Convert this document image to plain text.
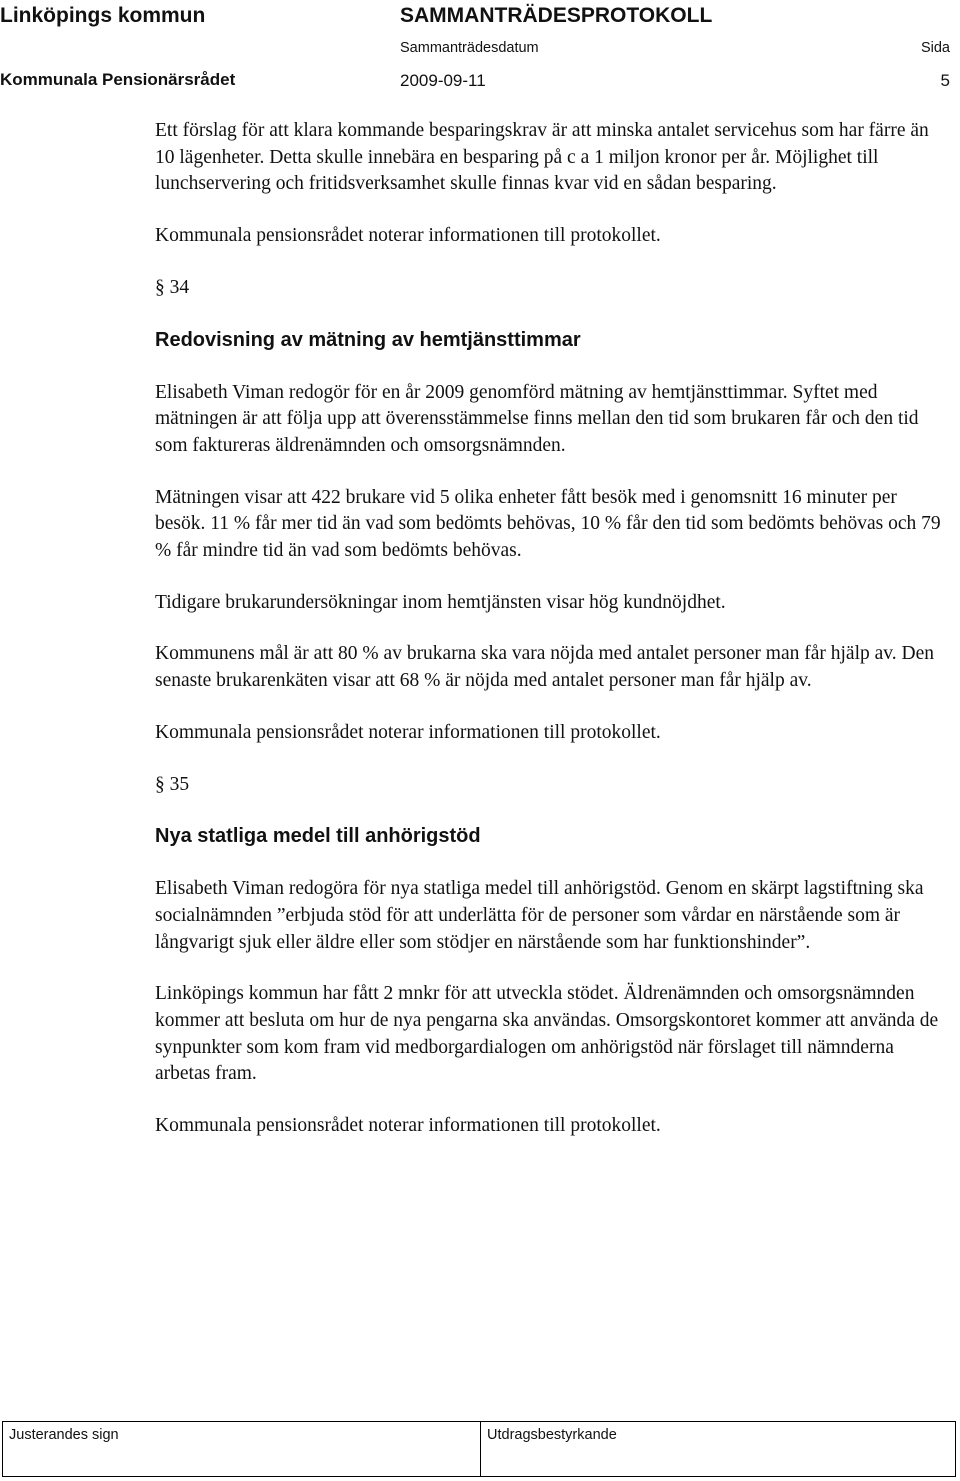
Linköpings kommun	SAMMANTRÄDESPROTOKOLL
Sammanträdesdatum	Sida
Kommunala Pensionärsrådet	2009-09-11	5

Ett förslag för att klara kommande besparingskrav är att minska antalet servicehus som har färre än 10 lägenheter. Detta skulle innebära en besparing på c a 1 miljon kronor per år. Möjlighet till lunchservering och fritidsverksamhet skulle finnas kvar vid en sådan besparing.

Kommunala pensionsrådet noterar informationen till protokollet.

§ 34

Redovisning av mätning av hemtjänsttimmar

Elisabeth Viman redogör för en år 2009 genomförd mätning av hemtjänsttimmar. Syftet med mätningen är att följa upp att överensstämmelse finns mellan den tid som brukaren får och den tid som faktureras äldrenämnden och omsorgsnämnden.

Mätningen visar att 422 brukare vid 5 olika enheter fått besök med i genomsnitt 16 minuter per besök. 11 % får mer tid än vad som bedömts behövas, 10 % får den tid som bedömts behövas och 79 % får mindre tid än vad som bedömts behövas.

Tidigare brukarundersökningar inom hemtjänsten visar hög kundnöjdhet.

Kommunens mål är att 80 % av brukarna ska vara nöjda med antalet personer man får hjälp av. Den senaste brukarenkäten visar att 68 % är nöjda med antalet personer man får hjälp av.

Kommunala pensionsrådet noterar informationen till protokollet.

§ 35

Nya statliga medel till anhörigstöd

Elisabeth Viman redogöra för nya statliga medel till anhörigstöd. Genom en skärpt lagstiftning ska socialnämnden ”erbjuda stöd för att underlätta för de personer som vårdar en närstående som är långvarigt sjuk eller äldre eller som stödjer en närstående som har funktionshinder”.

Linköpings kommun har fått 2 mnkr för att utveckla stödet. Äldrenämnden och omsorgsnämnden kommer att besluta om hur de nya pengarna ska användas. Omsorgskontoret kommer att använda de synpunkter som kom fram vid medborgardialogen om anhörigstöd när förslaget till nämnderna arbetas fram.

Kommunala pensionsrådet noterar informationen till protokollet.

Justerandes sign	Utdragsbestyrkande
